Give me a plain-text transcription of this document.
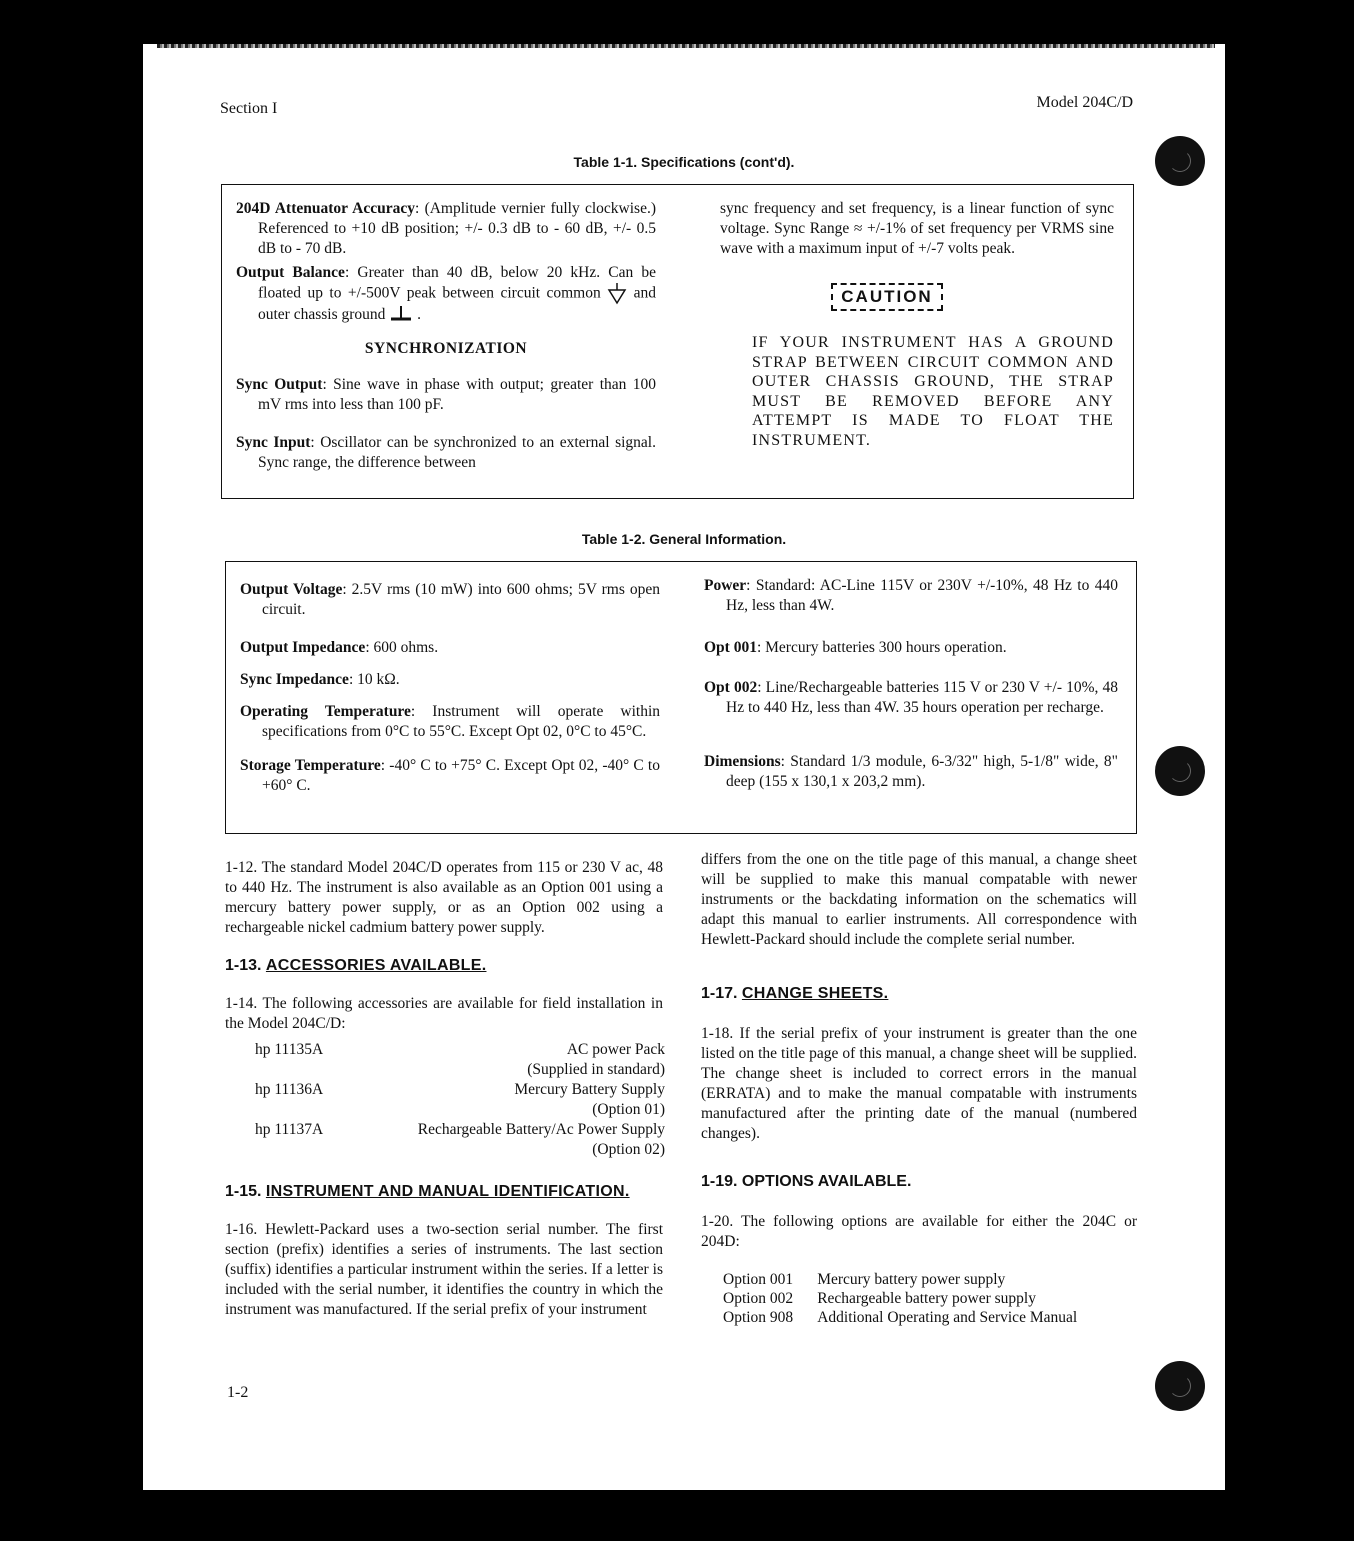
Section I	Model 204C/D
Table 1-1. Specifications (cont'd).

204D Attenuator Accuracy: (Amplitude vernier fully clockwise.) Referenced to +10 dB position; +/- 0.3 dB to - 60 dB, +/- 0.5 dB to - 70 dB.

Output Balance: Greater than 40 dB, below 20 kHz. Can be floated up to +/-500V peak between circuit common and outer chassis ground .

SYNCHRONIZATION

Sync Output: Sine wave in phase with output; greater than 100 mV rms into less than 100 pF.

Sync Input: Oscillator can be synchronized to an external signal. Sync range, the difference between

sync frequency and set frequency, is a linear function of sync voltage. Sync Range ≈ +/-1% of set frequency per VRMS sine wave with a maximum input of +/-7 volts peak.

CAUTION

IF YOUR INSTRUMENT HAS A GROUND STRAP BETWEEN CIRCUIT COMMON AND OUTER CHASSIS GROUND, THE STRAP MUST BE REMOVED BEFORE ANY ATTEMPT IS MADE TO FLOAT THE INSTRUMENT.

Table 1-2. General Information.

Output Voltage: 2.5V rms (10 mW) into 600 ohms; 5V rms open circuit.

Output Impedance: 600 ohms.

Sync Impedance: 10 kΩ.

Operating Temperature: Instrument will operate within specifications from 0°C to 55°C. Except Opt 02, 0°C to 45°C.

Storage Temperature: -40° C to +75° C. Except Opt 02, -40° C to +60° C.

Power: Standard: AC-Line 115V or 230V +/-10%, 48 Hz to 440 Hz, less than 4W.

Opt 001: Mercury batteries 300 hours operation.

Opt 002: Line/Rechargeable batteries 115 V or 230 V +/- 10%, 48 Hz to 440 Hz, less than 4W. 35 hours operation per recharge.

Dimensions: Standard 1/3 module, 6-3/32" high, 5-1/8" wide, 8" deep (155 x 130,1 x 203,2 mm).

1-12. The standard Model 204C/D operates from 115 or 230 V ac, 48 to 440 Hz. The instrument is also available as an Option 001 using a mercury battery power supply, or as an Option 002 using a rechargeable nickel cadmium battery power supply.

1-13. ACCESSORIES AVAILABLE.

1-14. The following accessories are available for field installation in the Model 204C/D:

hp 11135A	AC power Pack
	(Supplied in standard)
hp 11136A	Mercury Battery Supply
	(Option 01)
hp 11137A	Rechargeable Battery/Ac Power Supply
	(Option 02)

1-15. INSTRUMENT AND MANUAL IDENTIFICATION.

1-16. Hewlett-Packard uses a two-section serial number. The first section (prefix) identifies a series of instruments. The last section (suffix) identifies a particular instrument within the series. If a letter is included with the serial number, it identifies the country in which the instrument was manufactured. If the serial prefix of your instrument

differs from the one on the title page of this manual, a change sheet will be supplied to make this manual compatable with newer instruments or the backdating information on the schematics will adapt this manual to earlier instruments. All correspondence with Hewlett-Packard should include the complete serial number.

1-17. CHANGE SHEETS.

1-18. If the serial prefix of your instrument is greater than the one listed on the title page of this manual, a change sheet will be supplied. The change sheet is included to correct errors in the manual (ERRATA) and to make the manual compatable with instruments manufactured after the printing date of the manual (numbered changes).

1-19. OPTIONS AVAILABLE.

1-20. The following options are available for either the 204C or 204D:

Option 001	Mercury battery power supply
Option 002	Rechargeable battery power supply
Option 908	Additional Operating and Service Manual
1-2
